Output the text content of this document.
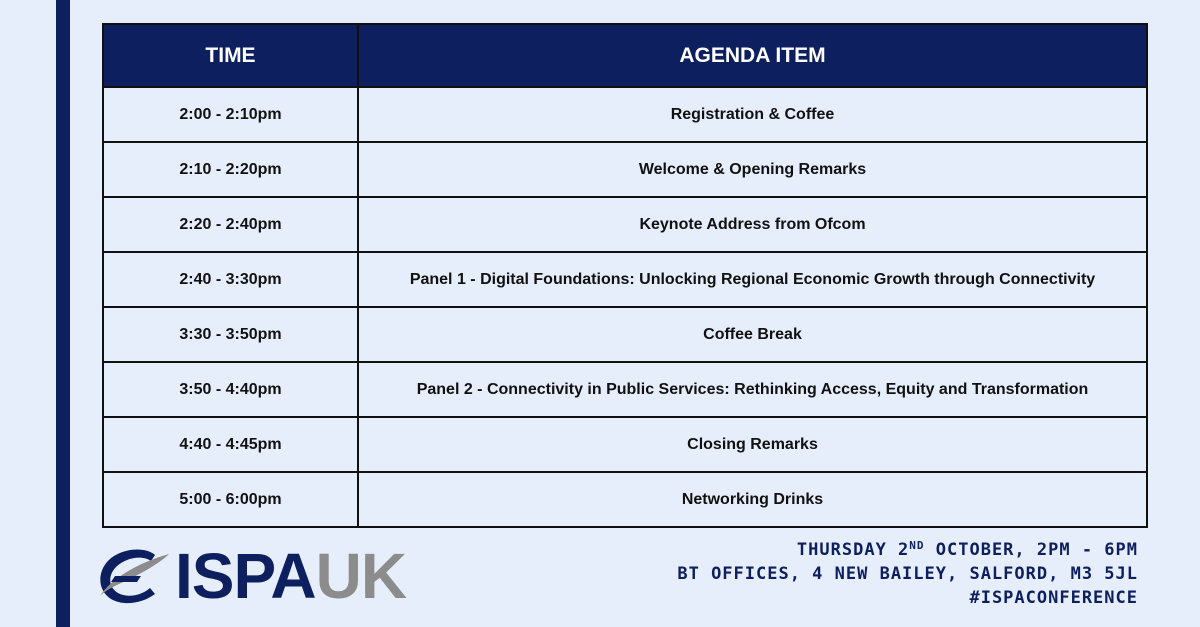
TIME	AGENDA ITEM
2:00 - 2:10pm	Registration & Coffee
2:10 - 2:20pm	Welcome & Opening Remarks
2:20 - 2:40pm	Keynote Address from Ofcom
2:40 - 3:30pm	Panel 1 - Digital Foundations: Unlocking Regional Economic Growth through Connectivity
3:30 - 3:50pm	Coffee Break
3:50 - 4:40pm	Panel 2 - Connectivity in Public Services: Rethinking Access, Equity and Transformation
4:40 - 4:45pm	Closing Remarks
5:00 - 6:00pm	Networking Drinks
ISPAUK	THURSDAY 2ND OCTOBER, 2PM - 6PM
BT OFFICES, 4 NEW BAILEY, SALFORD, M3 5JL
#ISPACONFERENCE
